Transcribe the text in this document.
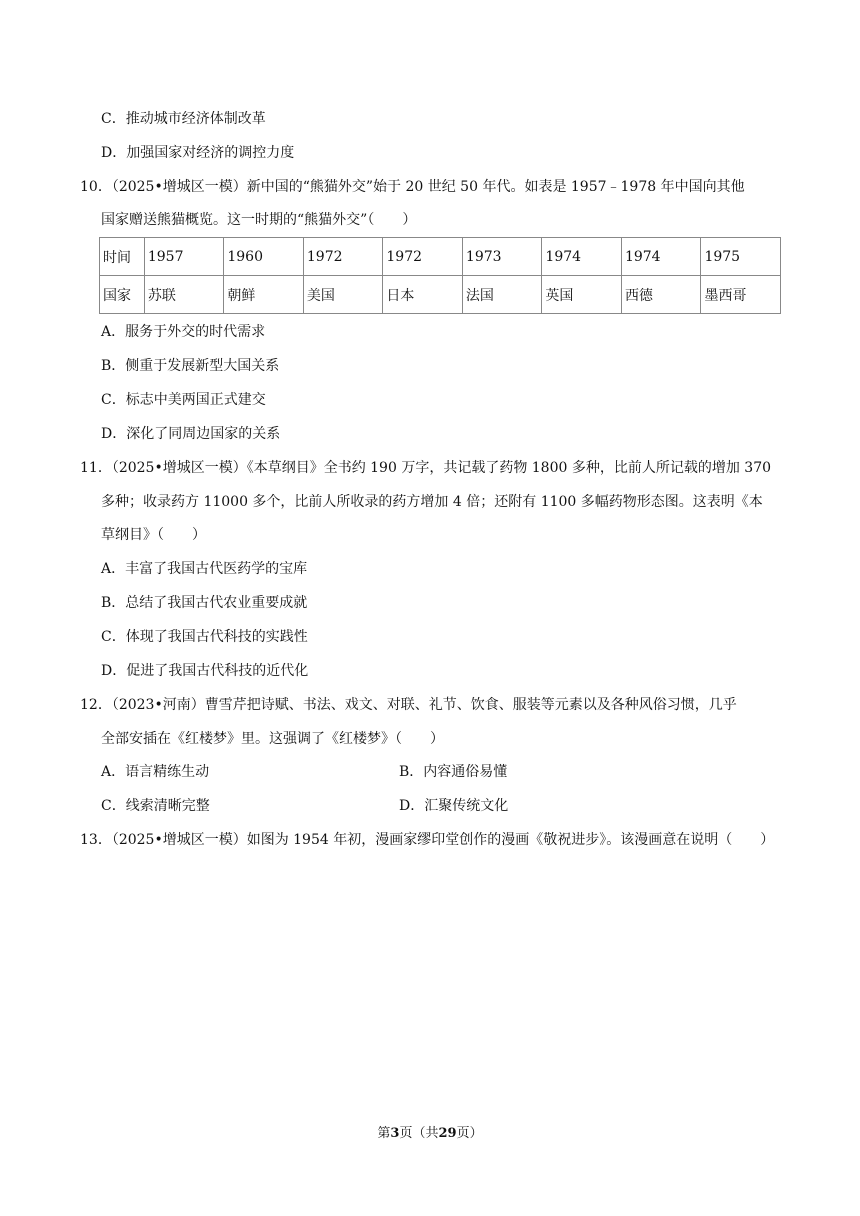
C．推动城市经济体制改革
D．加强国家对经济的调控力度
10．（2025•增城区一模）新中国的“熊猫外交”始于 20 世纪 50 年代。如表是 1957﹣1978 年中国向其他
国家赠送熊猫概览。这一时期的“熊猫外交”（　　）
时间	1957	1960	1972	1972	1973	1974	1974	1975
国家	苏联	朝鲜	美国	日本	法国	英国	西德	墨西哥
A．服务于外交的时代需求
B．侧重于发展新型大国关系
C．标志中美两国正式建交
D．深化了同周边国家的关系
11．（2025•增城区一模）《本草纲目》全书约 190 万字，共记载了药物 1800 多种，比前人所记载的增加 370
多种；收录药方 11000 多个，比前人所收录的药方增加 4 倍；还附有 1100 多幅药物形态图。这表明《本
草纲目》（　　）
A．丰富了我国古代医药学的宝库
B．总结了我国古代农业重要成就
C．体现了我国古代科技的实践性
D．促进了我国古代科技的近代化
12．（2023•河南）曹雪芹把诗赋、书法、戏文、对联、礼节、饮食、服装等元素以及各种风俗习惯，几乎
全部安插在《红楼梦》里。这强调了《红楼梦》（　　）
A．语言精练生动	B．内容通俗易懂
C．线索清晰完整	D．汇聚传统文化
13．（2025•增城区一模）如图为 1954 年初，漫画家缪印堂创作的漫画《敬祝进步》。该漫画意在说明（　　）
第3页（共29页）
